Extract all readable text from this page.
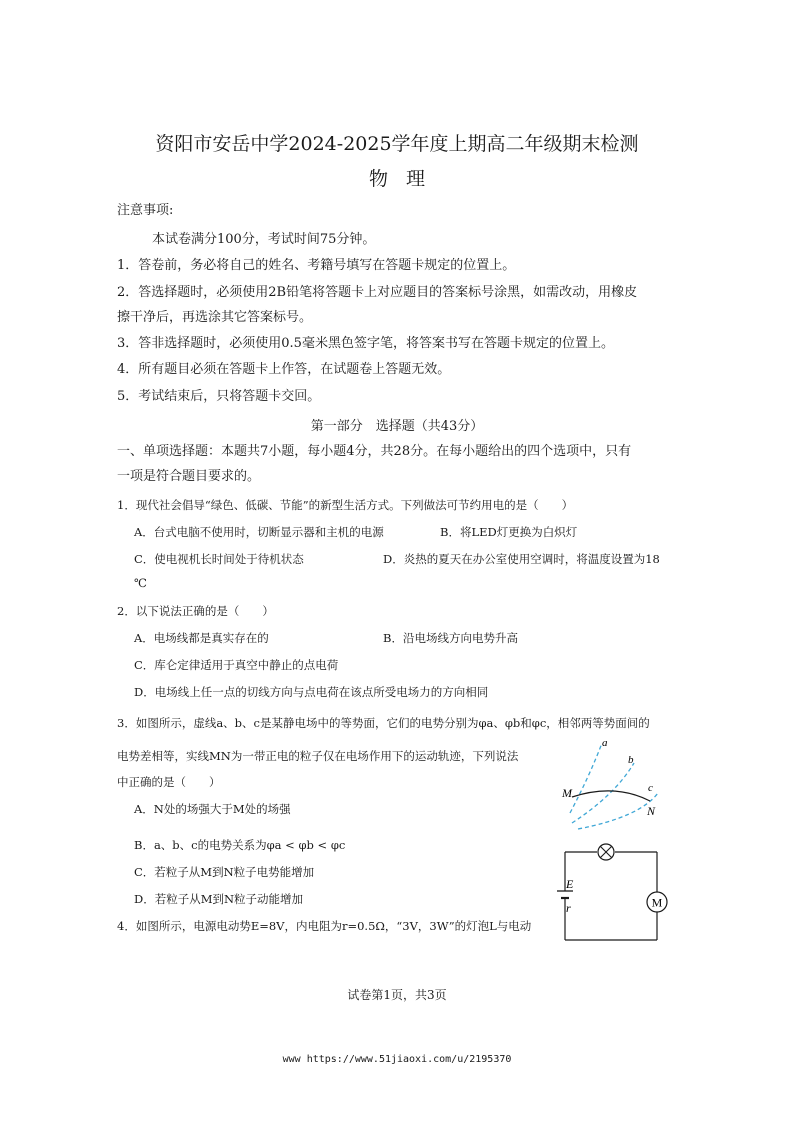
资阳市安岳中学2024-2025学年度上期高二年级期末检测
物理
注意事项:
本试卷满分100分，考试时间75分钟。
1．答卷前，务必将自己的姓名、考籍号填写在答题卡规定的位置上。
2．答选择题时，必须使用2B铅笔将答题卡上对应题目的答案标号涂黑，如需改动，用橡皮
擦干净后，再选涂其它答案标号。
3．答非选择题时，必须使用0.5毫米黑色签字笔，将答案书写在答题卡规定的位置上。
4．所有题目必须在答题卡上作答，在试题卷上答题无效。
5．考试结束后，只将答题卡交回。
第一部分　选择题（共43分）
一、单项选择题：本题共7小题，每小题4分，共28分。在每小题给出的四个选项中，只有
一项是符合题目要求的。
1．现代社会倡导“绿色、低碳、节能”的新型生活方式。下列做法可节约用电的是（　　）
A．台式电脑不使用时，切断显示器和主机的电源	B．将LED灯更换为白炽灯
C．使电视机长时间处于待机状态	D．炎热的夏天在办公室使用空调时，将温度设置为18
℃
2．以下说法正确的是（　　）
A．电场线都是真实存在的	B．沿电场线方向电势升高
C．库仑定律适用于真空中静止的点电荷
D．电场线上任一点的切线方向与点电荷在该点所受电场力的方向相同
3．如图所示，虚线a、b、c是某静电场中的等势面，它们的电势分别为φa、φb和φc，相邻两等势面间的
电势差相等，实线MN为一带正电的粒子仅在电场作用下的运动轨迹，下列说法
中正确的是（　　）
A．N处的场强大于M处的场强
B．a、b、c的电势关系为φa < φb < φc
C．若粒子从M到N粒子电势能增加
D．若粒子从M到N粒子动能增加
4．如图所示，电源电动势E=8V，内电阻为r=0.5Ω，“3V，3W”的灯泡L与电动
a
b
c
M
N
M
E
r
试卷第1页，共3页
www https://www.51jiaoxi.com/u/2195370
